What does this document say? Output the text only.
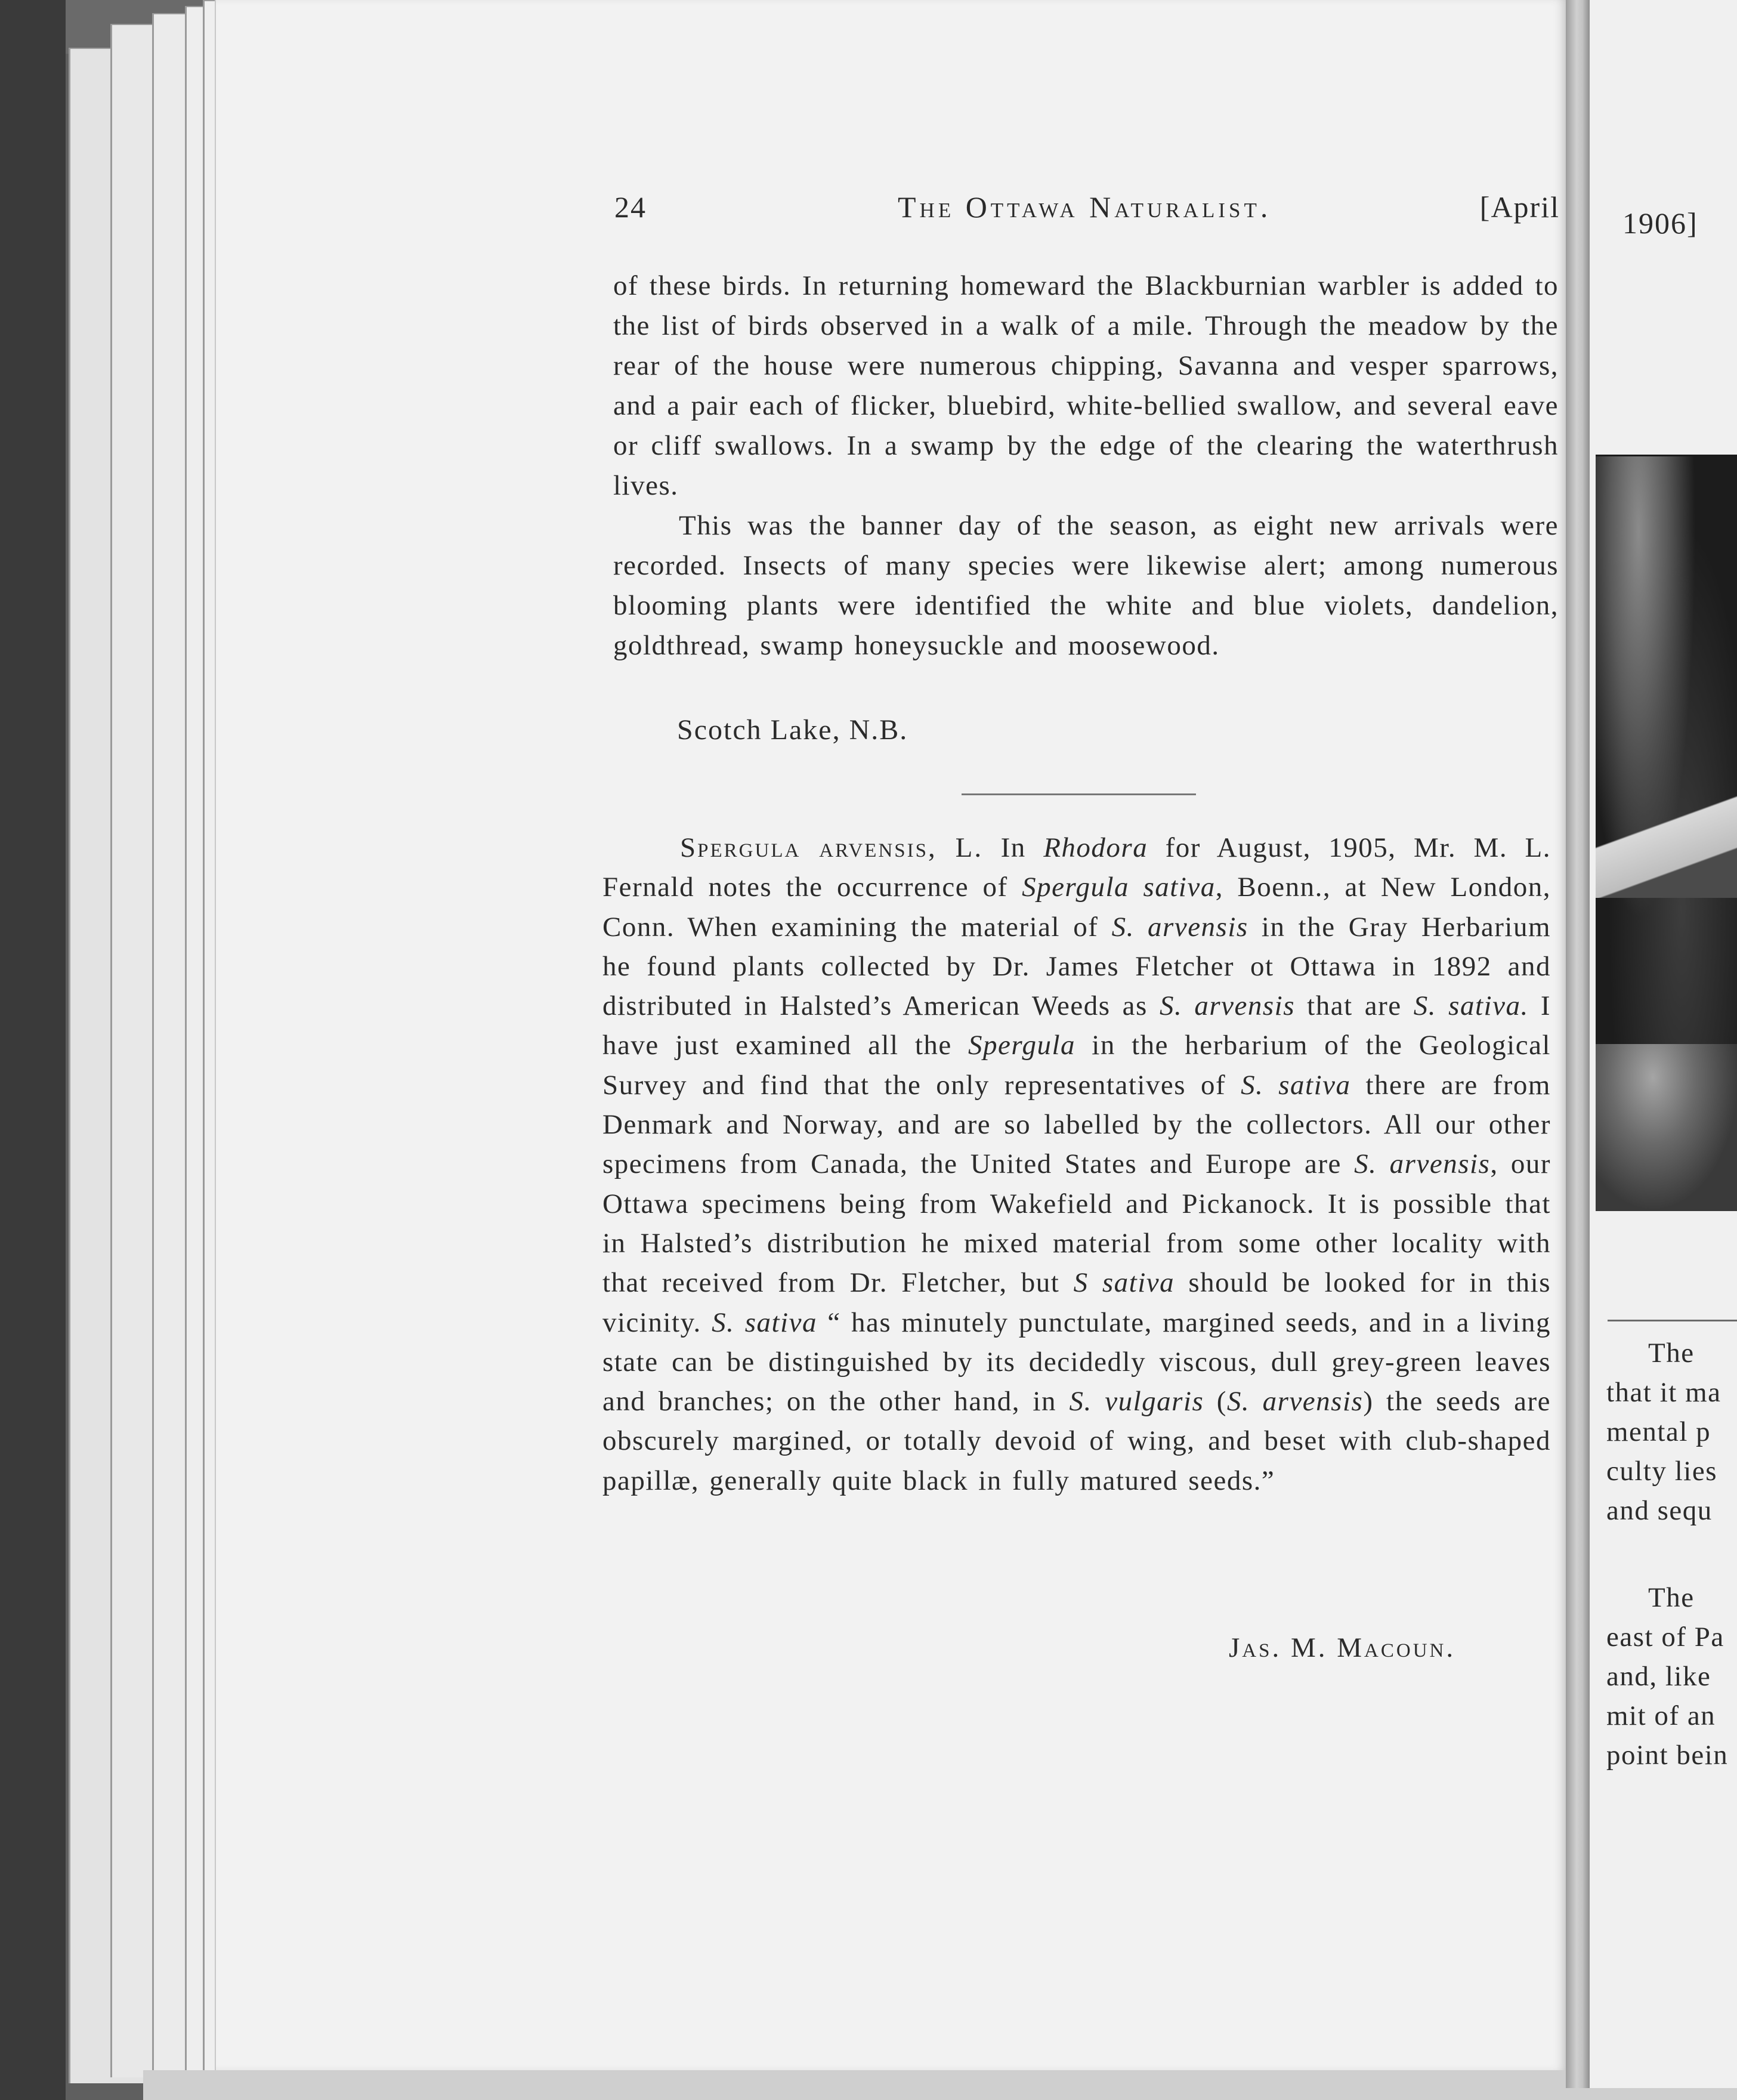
24	The Ottawa Naturalist.	[April
of these birds. In returning homeward the Blackburnian warbler is added to the list of birds observed in a walk of a mile. Through the meadow by the rear of the house were numerous chipping, Savanna and vesper sparrows, and a pair each of flicker, bluebird, white-bellied swallow, and several eave or cliff swallows. In a swamp by the edge of the clearing the waterthrush lives.
This was the banner day of the season, as eight new arrivals were recorded. Insects of many species were likewise alert; among numerous blooming plants were identified the white and blue violets, dandelion, goldthread, swamp honeysuckle and moosewood.
Scotch Lake, N.B.
Spergula arvensis, L. In Rhodora for August, 1905, Mr. M. L. Fernald notes the occurrence of Spergula sativa, Boenn., at New London, Conn. When examining the material of S. arvensis in the Gray Herbarium he found plants collected by Dr. James Fletcher ot Ottawa in 1892 and distributed in Halsted’s American Weeds as S. arvensis that are S. sativa. I have just examined all the Spergula in the herbarium of the Geological Survey and find that the only representatives of S. sativa there are from Denmark and Norway, and are so labelled by the collectors. All our other specimens from Canada, the United States and Europe are S. arvensis, our Ottawa specimens being from Wakefield and Pickanock. It is possible that in Halsted’s distribution he mixed material from some other locality with that received from Dr. Fletcher, but S sativa should be looked for in this vicinity. S. sativa “ has minutely punctulate, margined seeds, and in a living state can be distinguished by its decidedly viscous, dull grey-green leaves and branches; on the other hand, in S. vulgaris (S. arvensis) the seeds are obscurely margined, or totally devoid of wing, and beset with club-shaped papillæ, generally quite black in fully matured seeds.”
Jas. M. Macoun.
1906]
The
that it ma
mental p
culty lies
and sequ
The
east of Pa
and, like
mit of an
point bein
